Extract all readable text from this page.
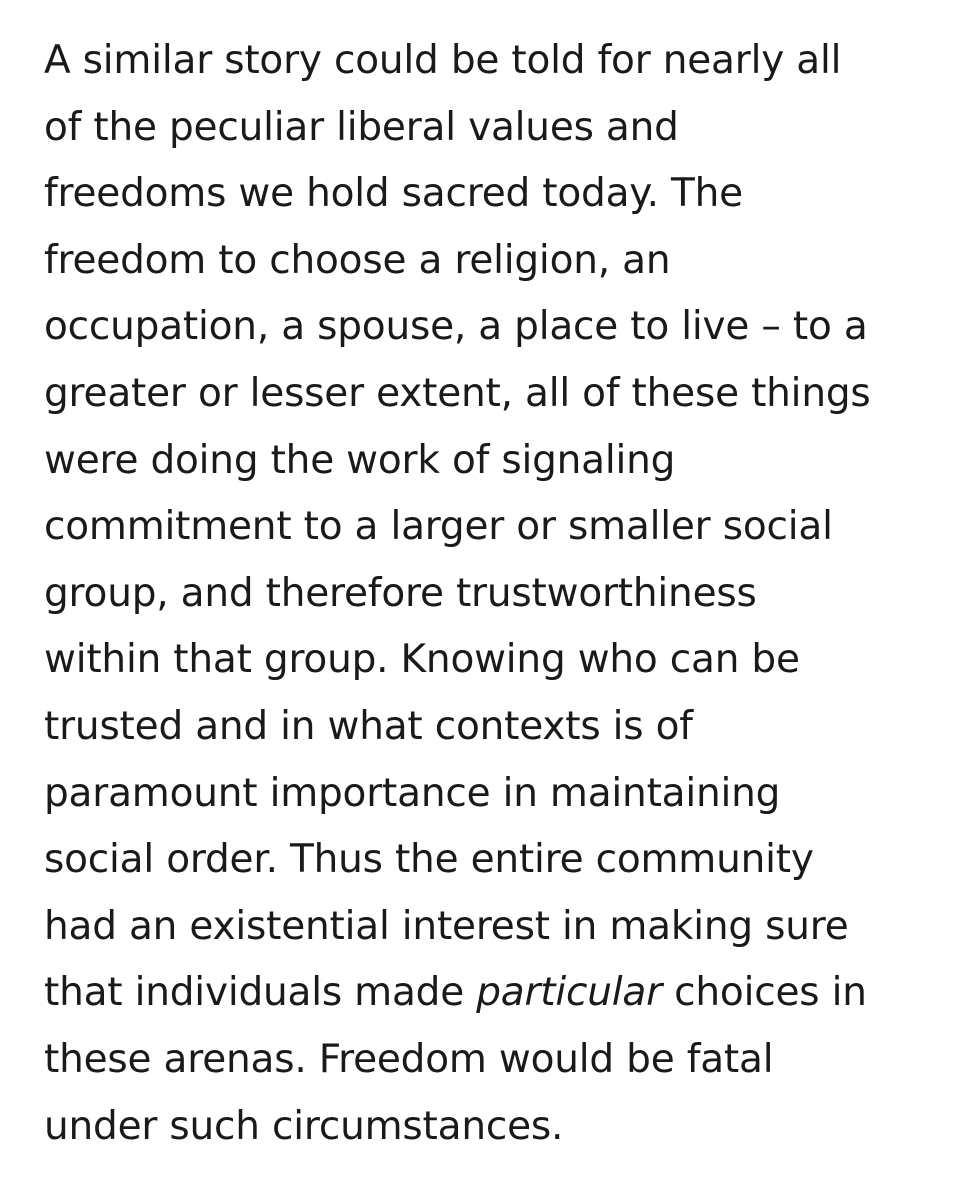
A similar story could be told for nearly all
of the peculiar liberal values and
freedoms we hold sacred today. The
freedom to choose a religion, an
occupation, a spouse, a place to live – to a
greater or lesser extent, all of these things
were doing the work of signaling
commitment to a larger or smaller social
group, and therefore trustworthiness
within that group. Knowing who can be
trusted and in what contexts is of
paramount importance in maintaining
social order. Thus the entire community
had an existential interest in making sure
that individuals made particular choices in
these arenas. Freedom would be fatal
under such circumstances.
